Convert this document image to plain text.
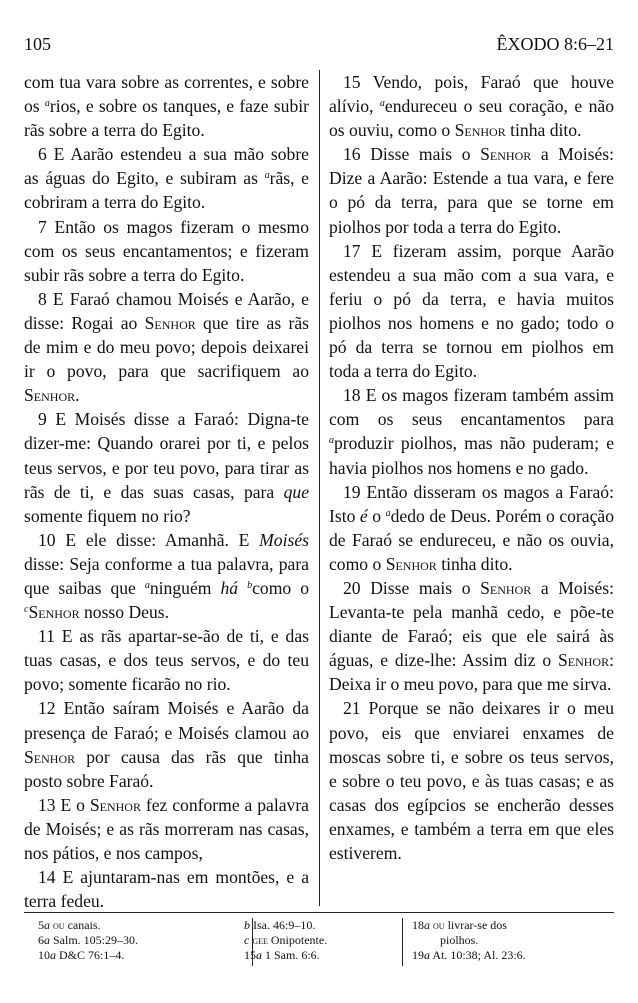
105	ÊXODO 8:6–21

com tua vara sobre as correntes, e sobre os $^a$rios, e sobre os tanques, e faze subir rãs sobre a terra do Egito.

6 E Aarão estendeu a sua mão sobre as águas do Egito, e subiram as $^a$rãs, e cobriram a terra do Egito.

7 Então os magos fizeram o mesmo com os seus encantamentos; e fizeram subir rãs sobre a terra do Egito.

8 E Faraó chamou Moisés e Aarão, e disse: Rogai ao Senhor que tire as rãs de mim e do meu povo; depois deixarei ir o povo, para que sacrifiquem ao Senhor.

9 E Moisés disse a Faraó: Digna-te dizer-me: Quando orarei por ti, e pelos teus servos, e por teu povo, para tirar as rãs de ti, e das suas casas, para que somente fiquem no rio?

10 E ele disse: Amanhã. E Moisés disse: Seja conforme a tua palavra, para que saibas que $^a$ninguém há $^b$como o $^c$Senhor nosso Deus.

11 E as rãs apartar-se-ão de ti, e das tuas casas, e dos teus servos, e do teu povo; somente ficarão no rio.

12 Então saíram Moisés e Aarão da presença de Faraó; e Moisés clamou ao Senhor por causa das rãs que tinha posto sobre Faraó.

13 E o Senhor fez conforme a palavra de Moisés; e as rãs morreram nas casas, nos pátios, e nos campos,

14 E ajuntaram-nas em montões, e a terra fedeu.

15 Vendo, pois, Faraó que houve alívio, $^a$endureceu o seu coração, e não os ouviu, como o Senhor tinha dito.

16 Disse mais o Senhor a Moisés: Dize a Aarão: Estende a tua vara, e fere o pó da terra, para que se torne em piolhos por toda a terra do Egito.

17 E fizeram assim, porque Aarão estendeu a sua mão com a sua vara, e feriu o pó da terra, e havia muitos piolhos nos homens e no gado; todo o pó da terra se tornou em piolhos em toda a terra do Egito.

18 E os magos fizeram também assim com os seus encantamentos para $^a$produzir piolhos, mas não puderam; e havia piolhos nos homens e no gado.

19 Então disseram os magos a Faraó: Isto é o $^a$dedo de Deus. Porém o coração de Faraó se endureceu, e não os ouvia, como o Senhor tinha dito.

20 Disse mais o Senhor a Moisés: Levanta-te pela manhã cedo, e põe-te diante de Faraó; eis que ele sairá às águas, e dize-lhe: Assim diz o Senhor: Deixa ir o meu povo, para que me sirva.

21 Porque se não deixares ir o meu povo, eis que enviarei enxames de moscas sobre ti, e sobre os teus servos, e sobre o teu povo, e às tuas casas; e as casas dos egípcios se encherão desses enxames, e também a terra em que eles estiverem.

5a ou canais.
6a Salm. 105:29–30.
10a D&C 76:1–4.
b Isa. 46:9–10.
c gee Onipotente.
15a 1 Sam. 6:6.
18a ou livrar-se dos
piolhos.
19a At. 10:38; Al. 23:6.
